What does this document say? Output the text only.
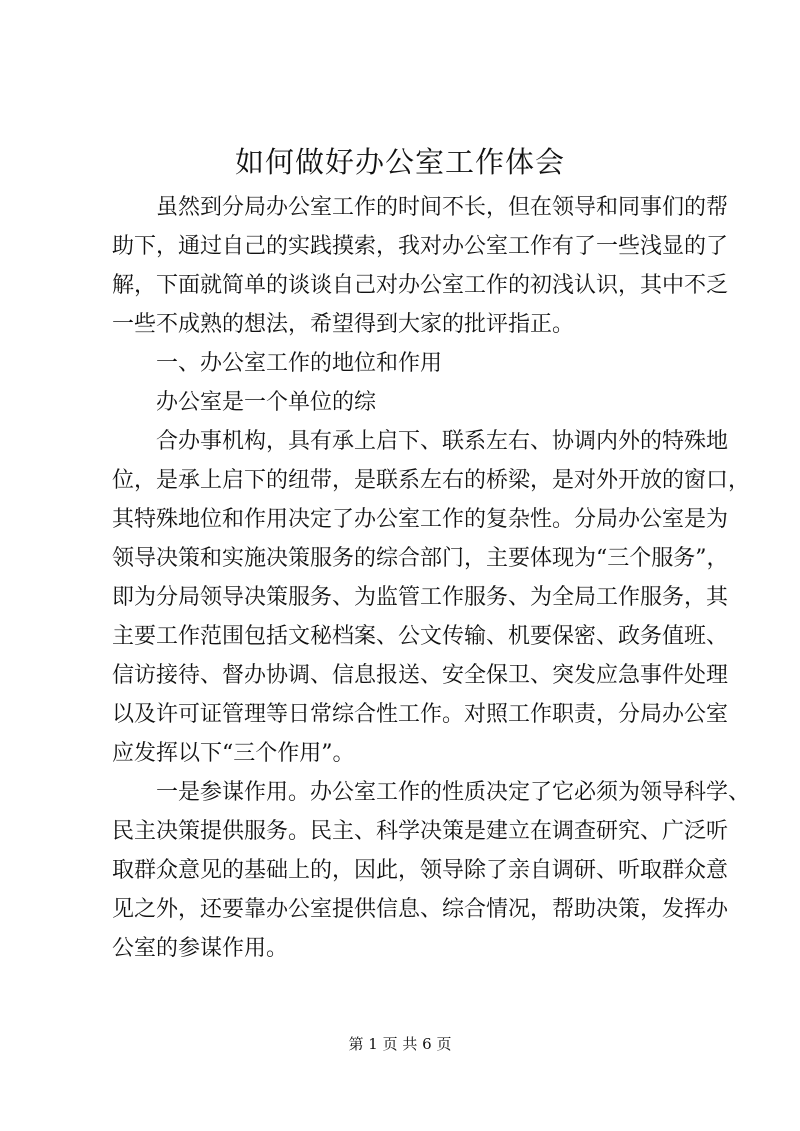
如何做好办公室工作体会
虽然到分局办公室工作的时间不长，但在领导和同事们的帮
助下，通过自己的实践摸索，我对办公室工作有了一些浅显的了
解，下面就简单的谈谈自己对办公室工作的初浅认识，其中不乏
一些不成熟的想法，希望得到大家的批评指正。
一、办公室工作的地位和作用
办公室是一个单位的综
合办事机构，具有承上启下、联系左右、协调内外的特殊地
位，是承上启下的纽带，是联系左右的桥梁，是对外开放的窗口，
其特殊地位和作用决定了办公室工作的复杂性。分局办公室是为
领导决策和实施决策服务的综合部门，主要体现为“三个服务”，
即为分局领导决策服务、为监管工作服务、为全局工作服务，其
主要工作范围包括文秘档案、公文传输、机要保密、政务值班、
信访接待、督办协调、信息报送、安全保卫、突发应急事件处理
以及许可证管理等日常综合性工作。对照工作职责，分局办公室
应发挥以下“三个作用”。
一是参谋作用。办公室工作的性质决定了它必须为领导科学、
民主决策提供服务。民主、科学决策是建立在调查研究、广泛听
取群众意见的基础上的，因此，领导除了亲自调研、听取群众意
见之外，还要靠办公室提供信息、综合情况，帮助决策，发挥办
公室的参谋作用。
第 1 页 共 6 页
